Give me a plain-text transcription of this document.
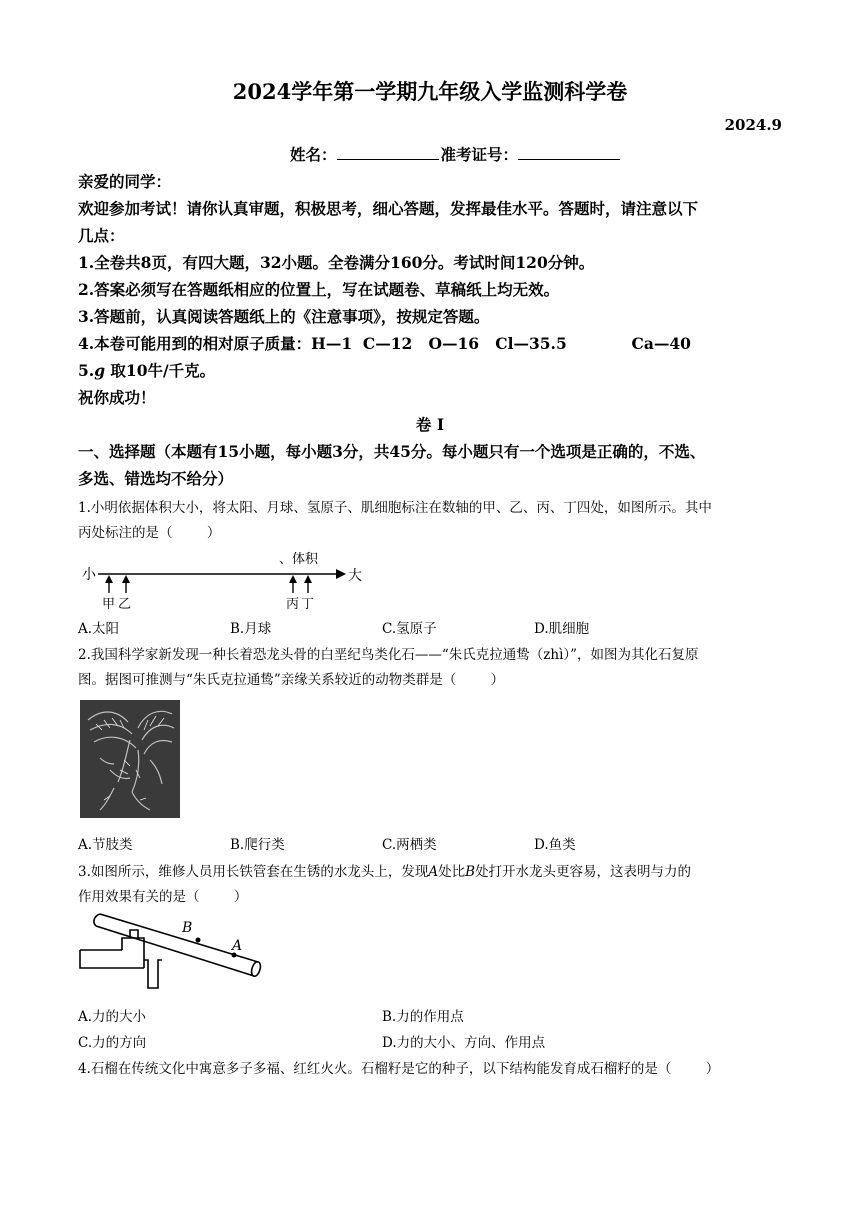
2024学年第一学期九年级入学监测科学卷
2024.9
姓名：	准考证号：
亲爱的同学：
欢迎参加考试！请你认真审题，积极思考，细心答题，发挥最佳水平。答题时，请注意以下
几点：
1.全卷共8页，有四大题，32小题。全卷满分160分。考试时间120分钟。
2.答案必须写在答题纸相应的位置上，写在试题卷、草稿纸上均无效。
3.答题前，认真阅读答题纸上的《注意事项》，按规定答题。
4.本卷可能用到的相对原子质量：H—1  C—12   O—16   Cl—35.5            Ca—40
5.g 取10牛/千克。
祝你成功！
卷 I
一、选择题（本题有15小题，每小题3分，共45分。每小题只有一个选项是正确的，不选、
多选、错选均不给分）
1.小明依据体积大小，将太阳、月球、氢原子、肌细胞标注在数轴的甲、乙、丙、丁四处，如图所示。其中
丙处标注的是（        ）
小
、体积
大
甲 乙	丙 丁
A.太阳	B.月球	C.氢原子	D.肌细胞
2.我国科学家新发现一种长着恐龙头骨的白垩纪鸟类化石——“朱氏克拉通鸷（zhì）”，如图为其化石复原
图。据图可推测与“朱氏克拉通鸷”亲缘关系较近的动物类群是（        ）
A.节肢类	B.爬行类	C.两栖类	D.鱼类
3.如图所示，维修人员用长铁管套在生锈的水龙头上，发现A处比B处打开水龙头更容易，这表明与力的
作用效果有关的是（        ）
B
A
A.力的大小	B.力的作用点
C.力的方向	D.力的大小、方向、作用点
4.石榴在传统文化中寓意多子多福、红红火火。石榴籽是它的种子，以下结构能发育成石榴籽的是（        ）
